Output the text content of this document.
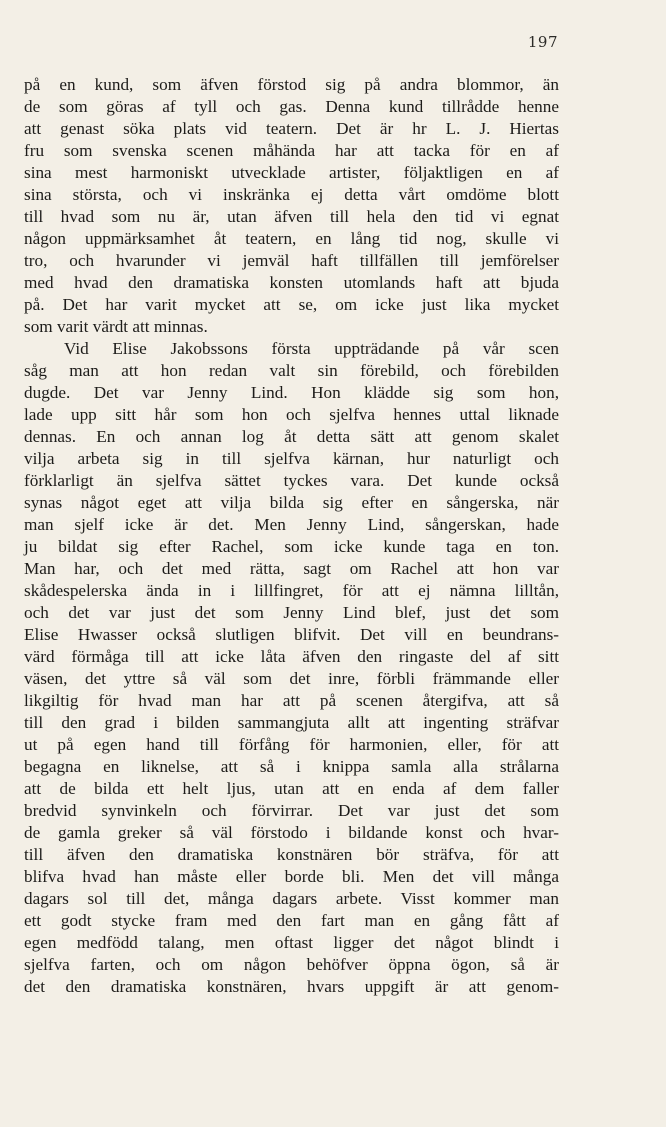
197
på en kund, som äfven förstod sig på andra blommor, än
de som göras af tyll och gas. Denna kund tillrådde henne
att genast söka plats vid teatern. Det är hr L. J. Hiertas
fru som svenska scenen måhända har att tacka för en af
sina mest harmoniskt utvecklade artister, följaktligen en af
sina största, och vi inskränka ej detta vårt omdöme blott
till hvad som nu är, utan äfven till hela den tid vi egnat
någon uppmärksamhet åt teatern, en lång tid nog, skulle vi
tro, och hvarunder vi jemväl haft tillfällen till jemförelser
med hvad den dramatiska konsten utomlands haft att bjuda
på. Det har varit mycket att se, om icke just lika mycket
som varit värdt att minnas.
Vid Elise Jakobssons första uppträdande på vår scen
såg man att hon redan valt sin förebild, och förebilden
dugde. Det var Jenny Lind. Hon klädde sig som hon,
lade upp sitt hår som hon och sjelfva hennes uttal liknade
dennas. En och annan log åt detta sätt att genom skalet
vilja arbeta sig in till sjelfva kärnan, hur naturligt och
förklarligt än sjelfva sättet tyckes vara. Det kunde också
synas något eget att vilja bilda sig efter en sångerska, när
man sjelf icke är det. Men Jenny Lind, sångerskan, hade
ju bildat sig efter Rachel, som icke kunde taga en ton.
Man har, och det med rätta, sagt om Rachel att hon var
skådespelerska ända in i lillfingret, för att ej nämna lilltån,
och det var just det som Jenny Lind blef, just det som
Elise Hwasser också slutligen blifvit. Det vill en beundrans-
värd förmåga till att icke låta äfven den ringaste del af sitt
väsen, det yttre så väl som det inre, förbli främmande eller
likgiltig för hvad man har att på scenen återgifva, att så
till den grad i bilden sammangjuta allt att ingenting sträfvar
ut på egen hand till förfång för harmonien, eller, för att
begagna en liknelse, att så i knippa samla alla strålarna
att de bilda ett helt ljus, utan att en enda af dem faller
bredvid synvinkeln och förvirrar. Det var just det som
de gamla greker så väl förstodo i bildande konst och hvar-
till äfven den dramatiska konstnären bör sträfva, för att
blifva hvad han måste eller borde bli. Men det vill många
dagars sol till det, många dagars arbete. Visst kommer man
ett godt stycke fram med den fart man en gång fått af
egen medfödd talang, men oftast ligger det något blindt i
sjelfva farten, och om någon behöfver öppna ögon, så är
det den dramatiska konstnären, hvars uppgift är att genom-
